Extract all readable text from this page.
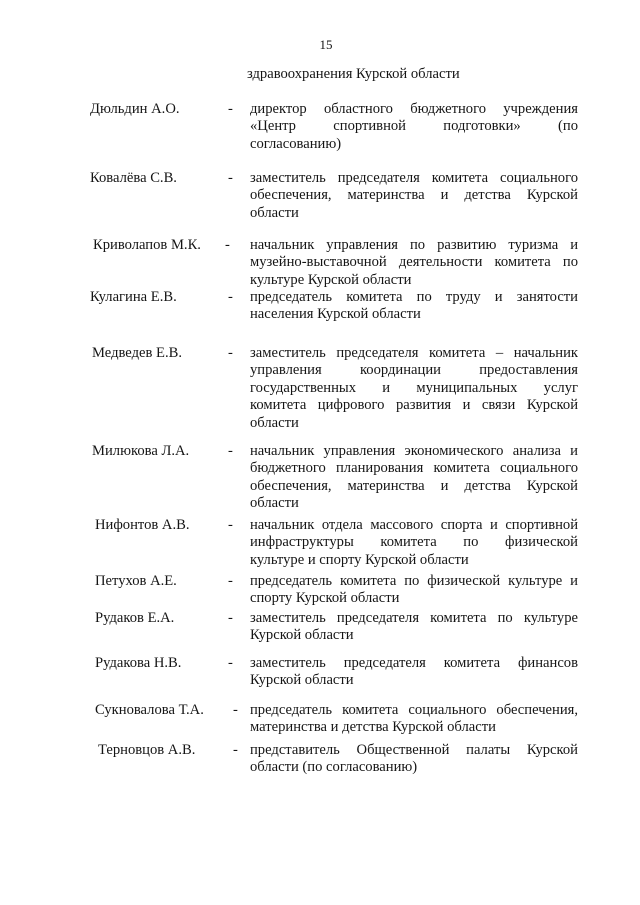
15
здравоохранения Курской области
Дюльдин А.О.	- директор областного бюджетного учреждения
«Центр спортивной подготовки» (по
согласованию)
Ковалёва С.В.	- заместитель председателя комитета социального
обеспечения, материнства и детства Курской
области
Криволапов М.К. - начальник управления по развитию туризма и
музейно-выставочной деятельности комитета по
культуре Курской области
Кулагина Е.В.	- председатель комитета по труду и занятости
населения Курской области
Медведев Е.В.	- заместитель председателя комитета – начальник
управления координации предоставления
государственных и муниципальных услуг
комитета цифрового развития и связи Курской
области
Милюкова Л.А.	- начальник управления экономического анализа и
бюджетного планирования комитета социального
обеспечения, материнства и детства Курской
области
Нифонтов А.В.	- начальник отдела массового спорта и спортивной
инфраструктуры комитета по физической
культуре и спорту Курской области
Петухов А.Е.	- председатель комитета по физической культуре и
спорту Курской области
Рудаков Е.А.	- заместитель председателя комитета по культуре
Курской области
Рудакова Н.В.	- заместитель председателя комитета финансов
Курской области
Сукновалова Т.А. - председатель комитета социального обеспечения,
материнства и детства Курской области
Терновцов А.В.	- представитель Общественной палаты Курской
области (по согласованию)
